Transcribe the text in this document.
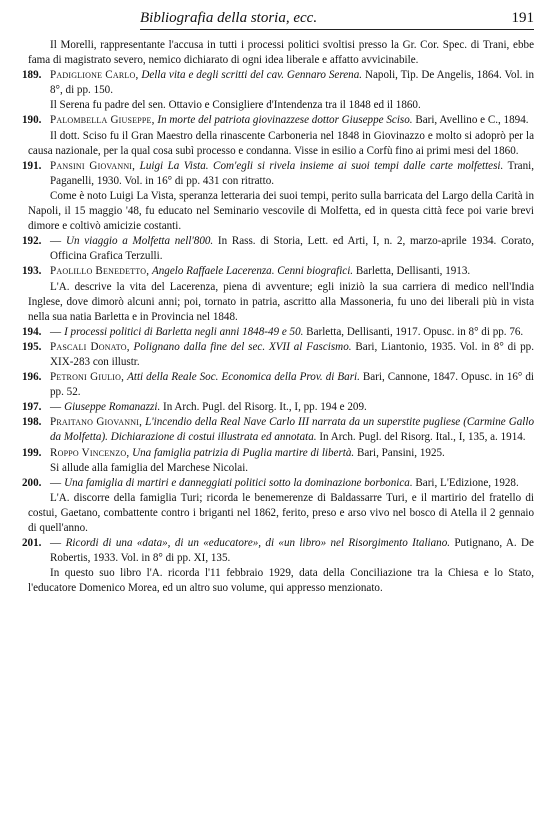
Bibliografia della storia, ecc.	191

Il Morelli, rappresentante l'accusa in tutti i processi politici svoltisi presso la Gr. Cor. Spec. di Trani, ebbe fama di magistrato severo, nemico dichiarato di ogni idea liberale e affatto avvicinabile.

189. Padiglione Carlo, Della vita e degli scritti del cav. Gennaro Serena. Napoli, Tip. De Angelis, 1864. Vol. in 8°, di pp. 150.

Il Serena fu padre del sen. Ottavio e Consigliere d'Intendenza tra il 1848 ed il 1860.

190. Palombella Giuseppe, In morte del patriota giovinazzese dottor Giuseppe Sciso. Bari, Avellino e C., 1894.

Il dott. Sciso fu il Gran Maestro della rinascente Carboneria nel 1848 in Giovinazzo e molto si adoprò per la causa nazionale, per la qual cosa subì processo e condanna. Visse in esilio a Corfù fino ai primi mesi del 1860.

191. Pansini Giovanni, Luigi La Vista. Com'egli si rivela insieme ai suoi tempi dalle carte molfettesi. Trani, Paganelli, 1930. Vol. in 16° di pp. 431 con ritratto.

Come è noto Luigi La Vista, speranza letteraria dei suoi tempi, perito sulla barricata del Largo della Carità in Napoli, il 15 maggio '48, fu educato nel Seminario vescovile di Molfetta, ed in questa città fece poi varie brevi dimore e coltivò amicizie costanti.

192. — Un viaggio a Molfetta nell'800. In Rass. di Storia, Lett. ed Arti, I, n. 2, marzo-aprile 1934. Corato, Officina Grafica Terzulli.

193. Paolillo Benedetto, Angelo Raffaele Lacerenza. Cenni biografici. Barletta, Dellisanti, 1913.

L'A. descrive la vita del Lacerenza, piena di avventure; egli iniziò la sua carriera di medico nell'India Inglese, dove dimorò alcuni anni; poi, tornato in patria, ascritto alla Massoneria, fu uno dei liberali più in vista nella sua natia Barletta e in Provincia nel 1848.

194. — I processi politici di Barletta negli anni 1848-49 e 50. Barletta, Dellisanti, 1917. Opusc. in 8° di pp. 76.

195. Pascali Donato, Polignano dalla fine del sec. XVII al Fascismo. Bari, Liantonio, 1935. Vol. in 8° di pp. XIX-283 con illustr.

196. Petroni Giulio, Atti della Reale Soc. Economica della Prov. di Bari. Bari, Cannone, 1847. Opusc. in 16° di pp. 52.

197. — Giuseppe Romanazzi. In Arch. Pugl. del Risorg. It., I, pp. 194 e 209.

198. Praitano Giovanni, L'incendio della Real Nave Carlo III narrata da un superstite pugliese (Carmine Gallo da Molfetta). Dichiarazione di costui illustrata ed annotata. In Arch. Pugl. del Risorg. Ital., I, 135, a. 1914.

199. Roppo Vincenzo, Una famiglia patrizia di Puglia martire di libertà. Bari, Pansini, 1925.

Si allude alla famiglia del Marchese Nicolai.

200. — Una famiglia di martiri e danneggiati politici sotto la dominazione borbonica. Bari, L'Edizione, 1928.

L'A. discorre della famiglia Turi; ricorda le benemerenze di Baldassarre Turi, e il martirio del fratello di costui, Gaetano, combattente contro i briganti nel 1862, ferito, preso e arso vivo nel bosco di Atella il 2 gennaio di quell'anno.

201. — Ricordi di una «data», di un «educatore», di «un libro» nel Risorgimento Italiano. Putignano, A. De Robertis, 1933. Vol. in 8° di pp. XI, 135.

In questo suo libro l'A. ricorda l'11 febbraio 1929, data della Conciliazione tra la Chiesa e lo Stato, l'educatore Domenico Morea, ed un altro suo volume, qui appresso menzionato.
